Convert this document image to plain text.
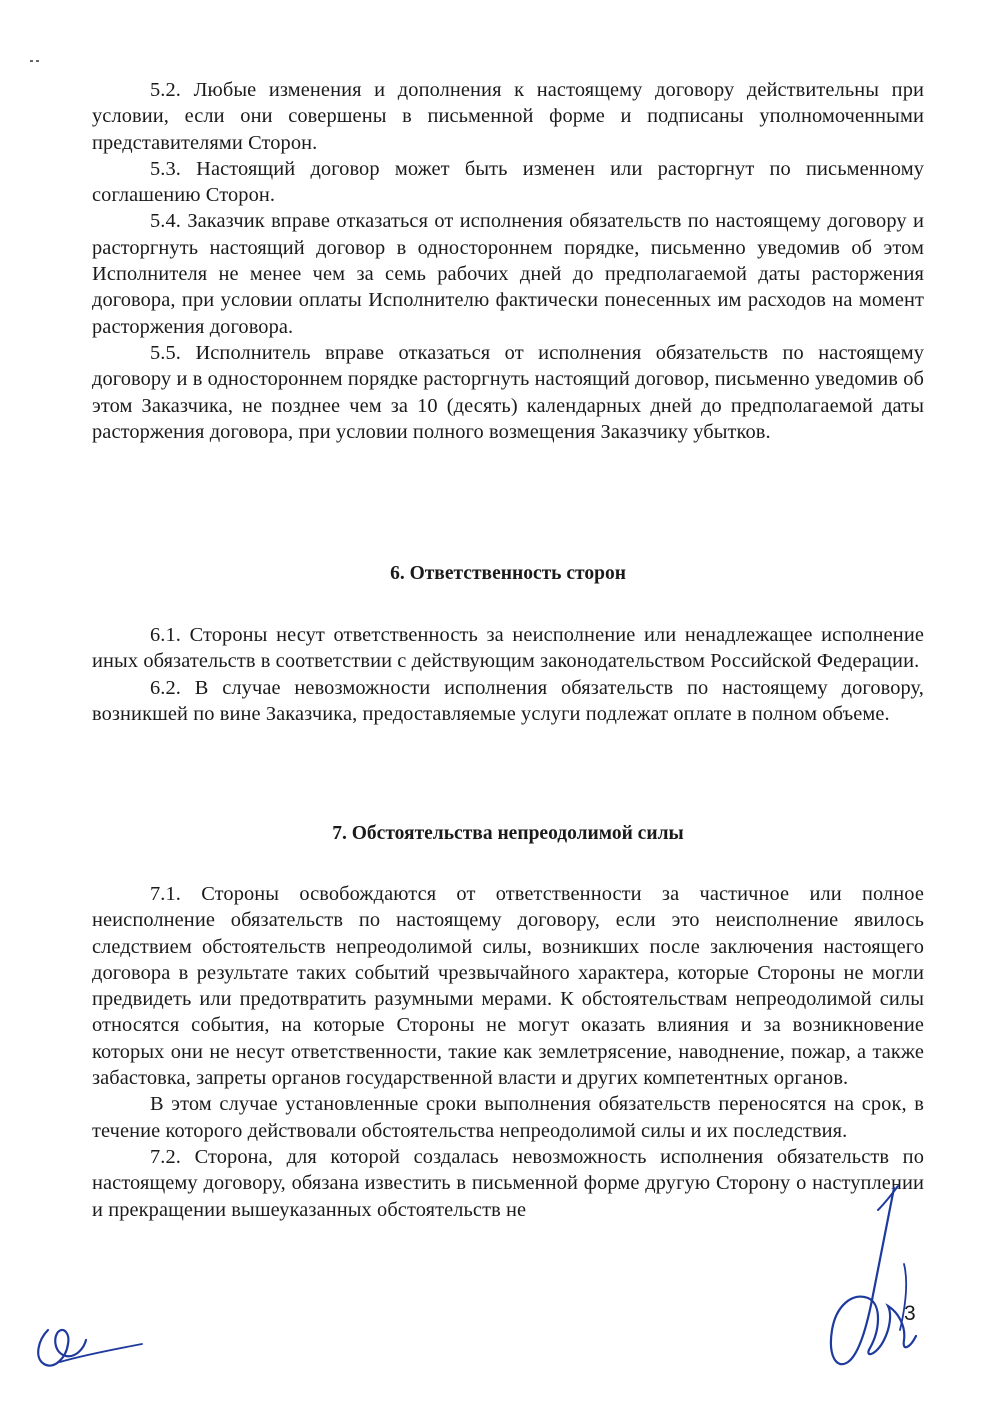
5.2. Любые изменения и дополнения к настоящему договору действительны при условии, если они совершены в письменной форме и подписаны уполномоченными представителями Сторон.

5.3. Настоящий договор может быть изменен или расторгнут по письменному соглашению Сторон.

5.4. Заказчик вправе отказаться от исполнения обязательств по настоящему договору и расторгнуть настоящий договор в одностороннем порядке, письменно уведомив об этом Исполнителя не менее чем за семь рабочих дней до предполагаемой даты расторжения договора, при условии оплаты Исполнителю фактически понесенных им расходов на момент расторжения договора.

5.5. Исполнитель вправе отказаться от исполнения обязательств по настоящему договору и в одностороннем порядке расторгнуть настоящий договор, письменно уведомив об этом Заказчика, не позднее чем за 10 (десять) календарных дней до предполагаемой даты расторжения договора, при условии полного возмещения Заказчику убытков.

6. Ответственность сторон

6.1. Стороны несут ответственность за неисполнение или ненадлежащее исполнение иных обязательств в соответствии с действующим законодательством Российской Федерации.

6.2. В случае невозможности исполнения обязательств по настоящему договору, возникшей по вине Заказчика, предоставляемые услуги подлежат оплате в полном объеме.

7. Обстоятельства непреодолимой силы

7.1. Стороны освобождаются от ответственности за частичное или полное неисполнение обязательств по настоящему договору, если это неисполнение явилось следствием обстоятельств непреодолимой силы, возникших после заключения настоящего договора в результате таких событий чрезвычайного характера, которые Стороны не могли предвидеть или предотвратить разумными мерами. К обстоятельствам непреодолимой силы относятся события, на которые Стороны не могут оказать влияния и за возникновение которых они не несут ответственности, такие как землетрясение, наводнение, пожар, а также забастовка, запреты органов государственной власти и других компетентных органов.

В этом случае установленные сроки выполнения обязательств переносятся на срок, в течение которого действовали обстоятельства непреодолимой силы и их последствия.

7.2. Сторона, для которой создалась невозможность исполнения обязательств по настоящему договору, обязана известить в письменной форме другую Сторону о наступлении и прекращении вышеуказанных обстоятельств не

3
